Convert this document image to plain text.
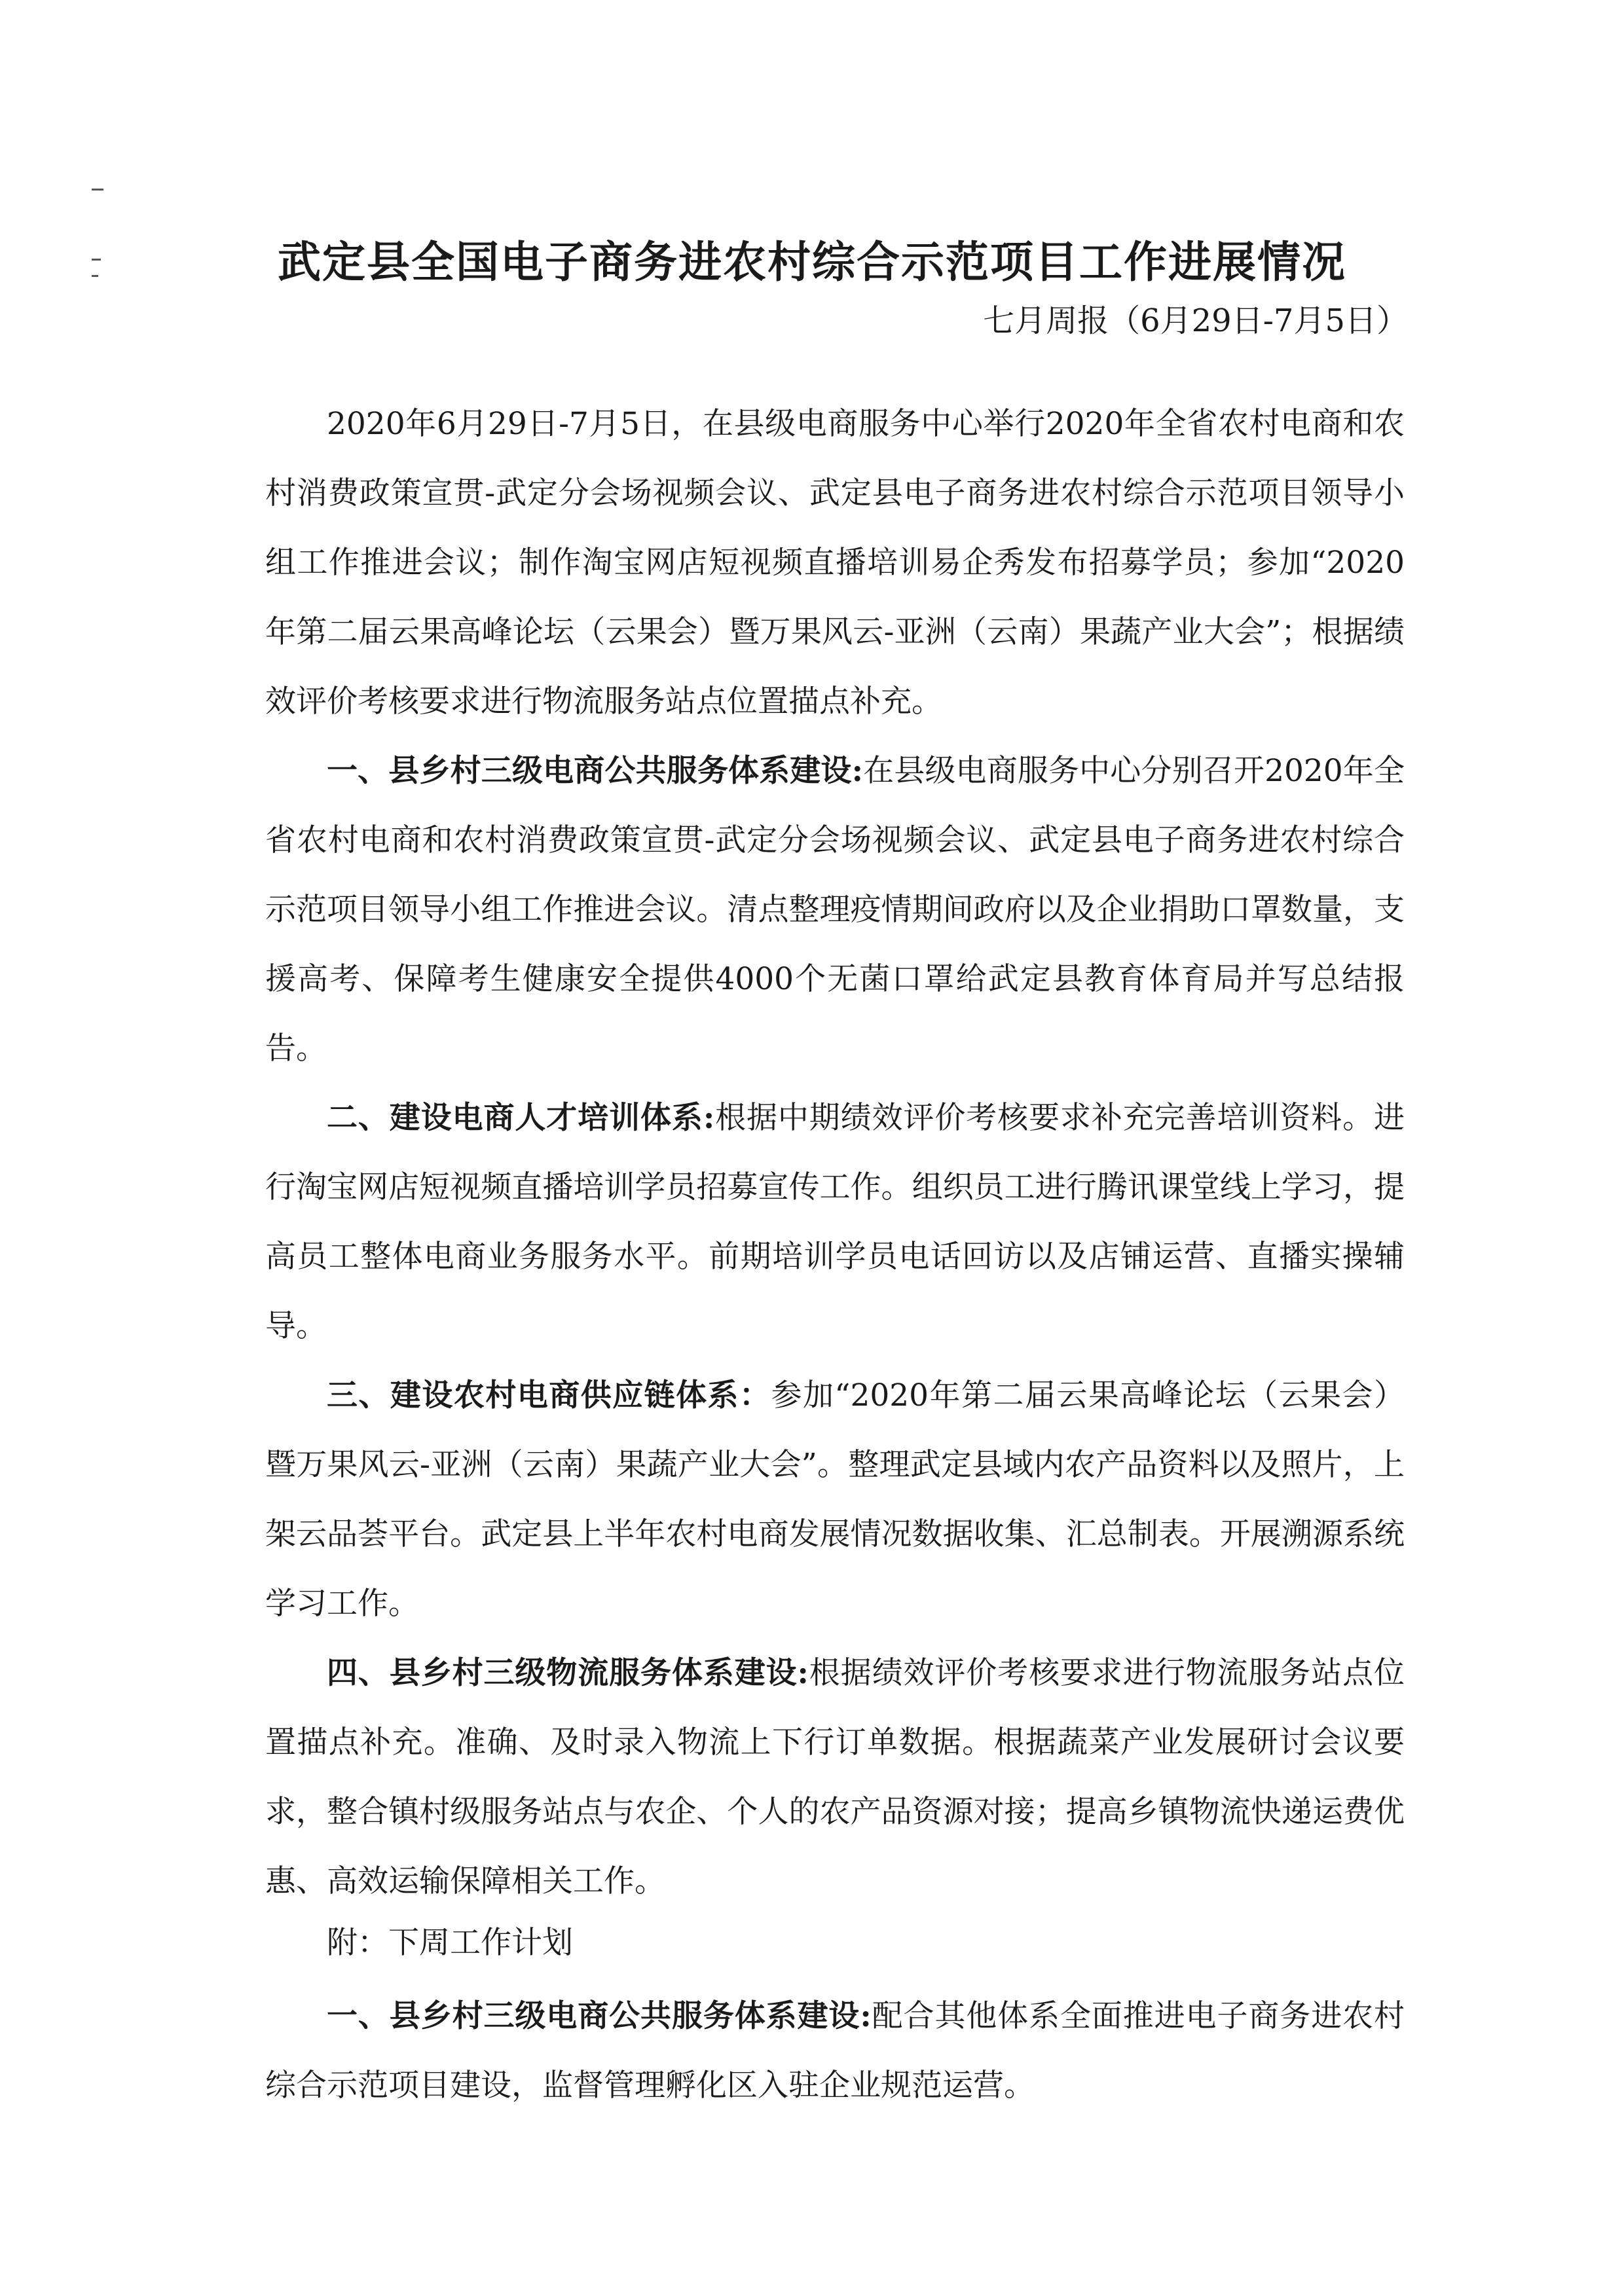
武定县全国电子商务进农村综合示范项目工作进展情况

七月周报（6月29日-7月5日）

2020年6月29日-7月5日，在县级电商服务中心举行2020年全省农村电商和农村消费政策宣贯-武定分会场视频会议、武定县电子商务进农村综合示范项目领导小组工作推进会议；制作淘宝网店短视频直播培训易企秀发布招募学员；参加“2020年第二届云果高峰论坛（云果会）暨万果风云-亚洲（云南）果蔬产业大会”；根据绩效评价考核要求进行物流服务站点位置描点补充。

一、县乡村三级电商公共服务体系建设:在县级电商服务中心分别召开2020年全省农村电商和农村消费政策宣贯-武定分会场视频会议、武定县电子商务进农村综合示范项目领导小组工作推进会议。清点整理疫情期间政府以及企业捐助口罩数量，支援高考、保障考生健康安全提供4000个无菌口罩给武定县教育体育局并写总结报告。

二、建设电商人才培训体系:根据中期绩效评价考核要求补充完善培训资料。进行淘宝网店短视频直播培训学员招募宣传工作。组织员工进行腾讯课堂线上学习，提高员工整体电商业务服务水平。前期培训学员电话回访以及店铺运营、直播实操辅导。

三、建设农村电商供应链体系：参加“2020年第二届云果高峰论坛（云果会）暨万果风云-亚洲（云南）果蔬产业大会”。整理武定县域内农产品资料以及照片，上架云品荟平台。武定县上半年农村电商发展情况数据收集、汇总制表。开展溯源系统学习工作。

四、县乡村三级物流服务体系建设:根据绩效评价考核要求进行物流服务站点位置描点补充。准确、及时录入物流上下行订单数据。根据蔬菜产业发展研讨会议要求，整合镇村级服务站点与农企、个人的农产品资源对接；提高乡镇物流快递运费优惠、高效运输保障相关工作。

附：下周工作计划

一、县乡村三级电商公共服务体系建设:配合其他体系全面推进电子商务进农村综合示范项目建设，监督管理孵化区入驻企业规范运营。
